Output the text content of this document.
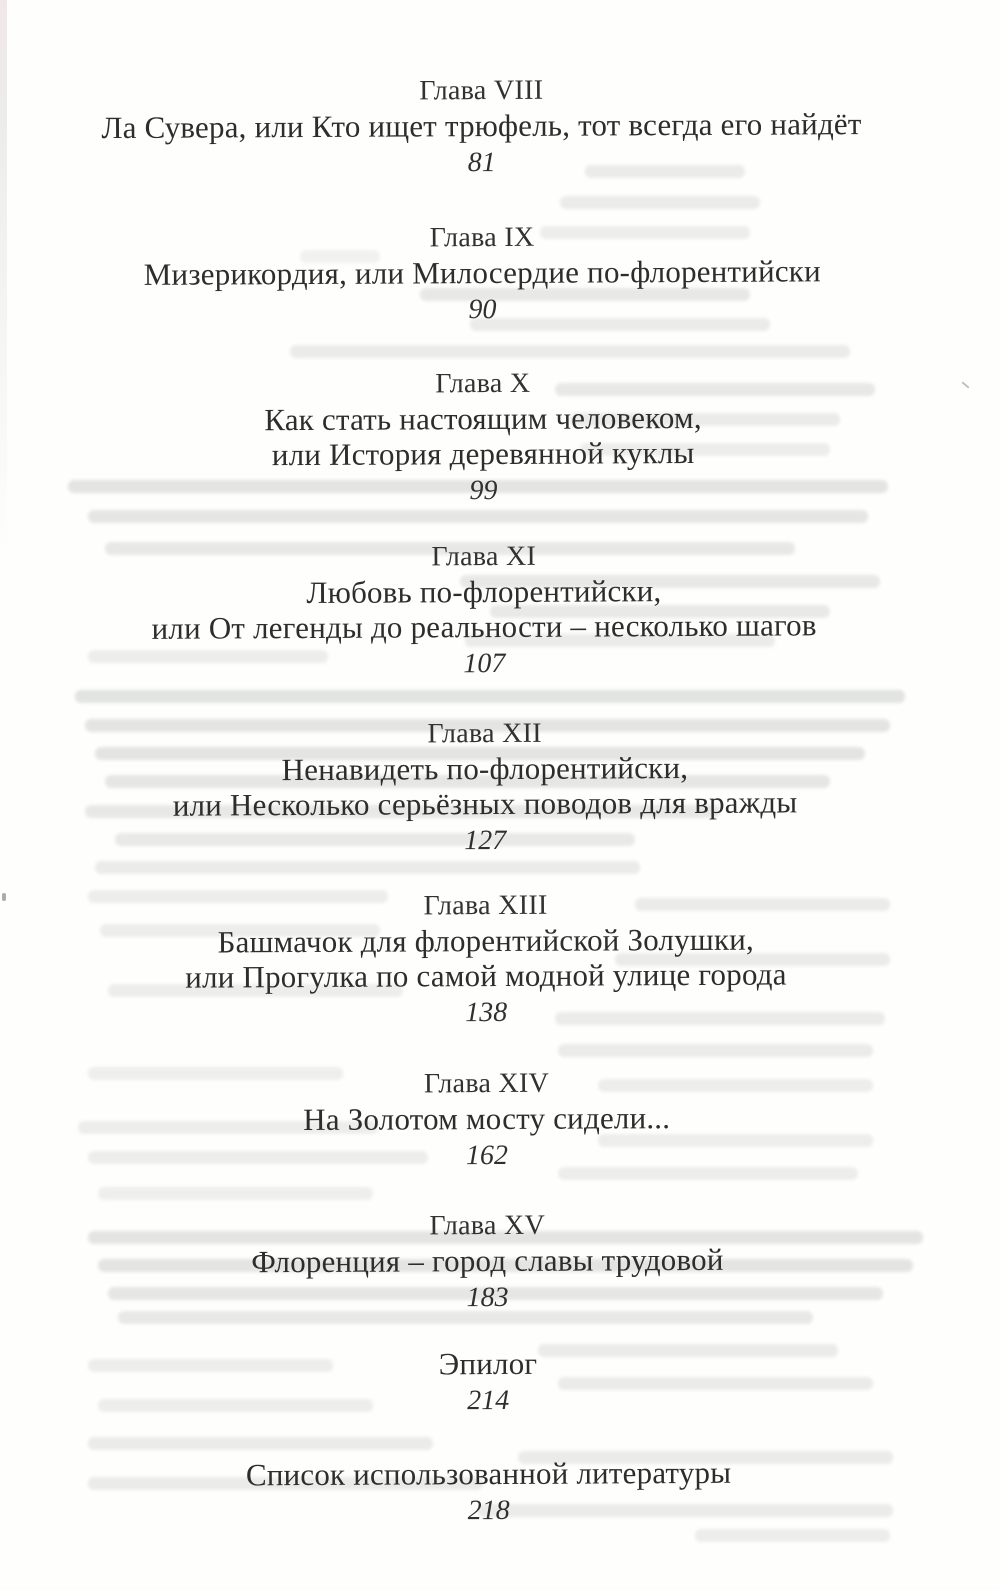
Глава VIII
Ла Сувера, или Кто ищет трюфель, тот всегда его найдёт
81
Глава IX
Мизерикордия, или Милосердие по-флорентийски
90
Глава X
Как стать настоящим человеком,
или История деревянной куклы
99
Глава XI
Любовь по-флорентийски,
или От легенды до реальности – несколько шагов
107
Глава XII
Ненавидеть по-флорентийски,
или Несколько серьёзных поводов для вражды
127
Глава XIII
Башмачок для флорентийской Золушки,
или Прогулка по самой модной улице города
138
Глава XIV
На Золотом мосту сидели...
162
Глава XV
Флоренция – город славы трудовой
183
Эпилог
214
Список использованной литературы
218
